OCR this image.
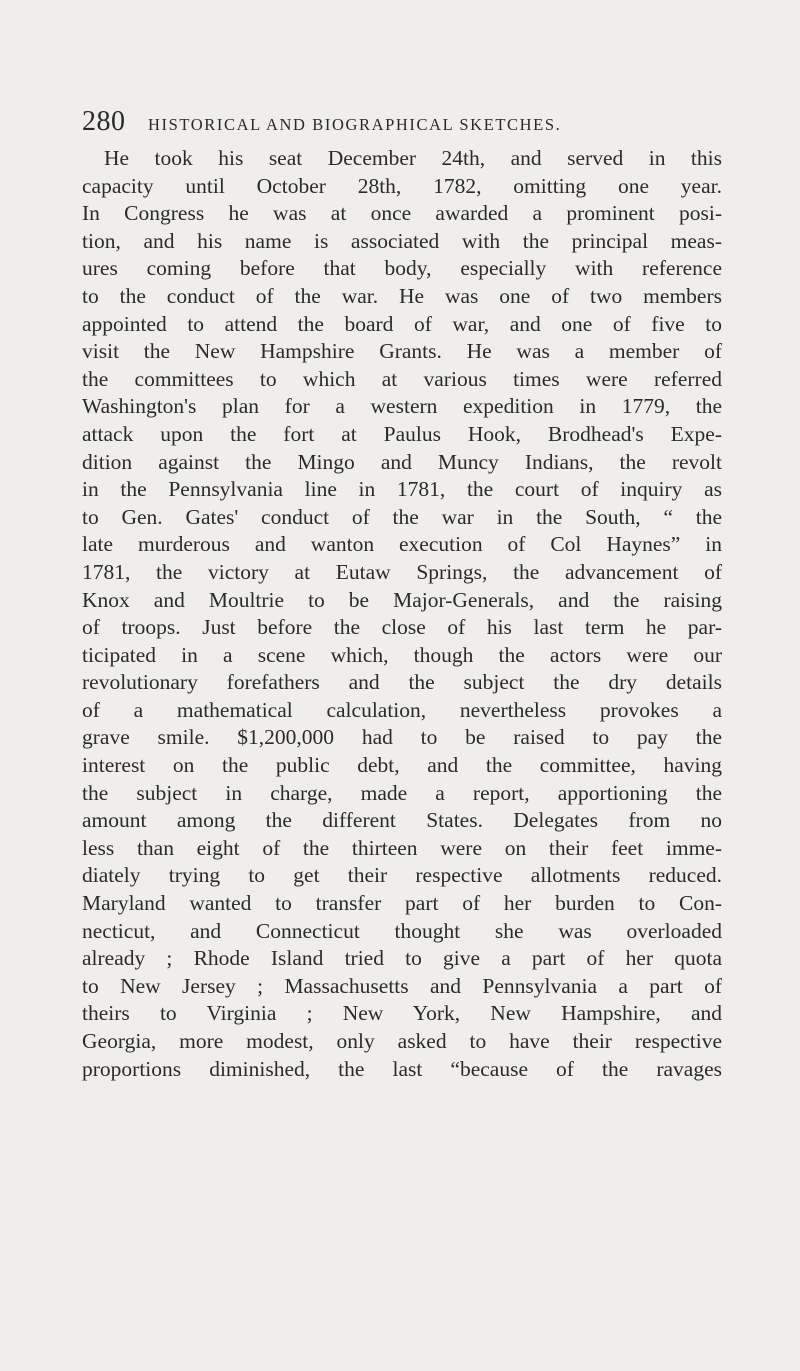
280 HISTORICAL AND BIOGRAPHICAL SKETCHES.
He took his seat December 24th, and served in this
capacity until October 28th, 1782, omitting one year.
In Congress he was at once awarded a prominent posi-
tion, and his name is associated with the principal meas-
ures coming before that body, especially with reference
to the conduct of the war. He was one of two members
appointed to attend the board of war, and one of five to
visit the New Hampshire Grants. He was a member of
the committees to which at various times were referred
Washington's plan for a western expedition in 1779, the
attack upon the fort at Paulus Hook, Brodhead's Expe-
dition against the Mingo and Muncy Indians, the revolt
in the Pennsylvania line in 1781, the court of inquiry as
to Gen. Gates' conduct of the war in the South, “ the
late murderous and wanton execution of Col Haynes” in
1781, the victory at Eutaw Springs, the advancement of
Knox and Moultrie to be Major-Generals, and the raising
of troops. Just before the close of his last term he par-
ticipated in a scene which, though the actors were our
revolutionary forefathers and the subject the dry details
of a mathematical calculation, nevertheless provokes a
grave smile. $1,200,000 had to be raised to pay the
interest on the public debt, and the committee, having
the subject in charge, made a report, apportioning the
amount among the different States. Delegates from no
less than eight of the thirteen were on their feet imme-
diately trying to get their respective allotments reduced.
Maryland wanted to transfer part of her burden to Con-
necticut, and Connecticut thought she was overloaded
already ; Rhode Island tried to give a part of her quota
to New Jersey ; Massachusetts and Pennsylvania a part of
theirs to Virginia ; New York, New Hampshire, and
Georgia, more modest, only asked to have their respective
proportions diminished, the last “because of the ravages
